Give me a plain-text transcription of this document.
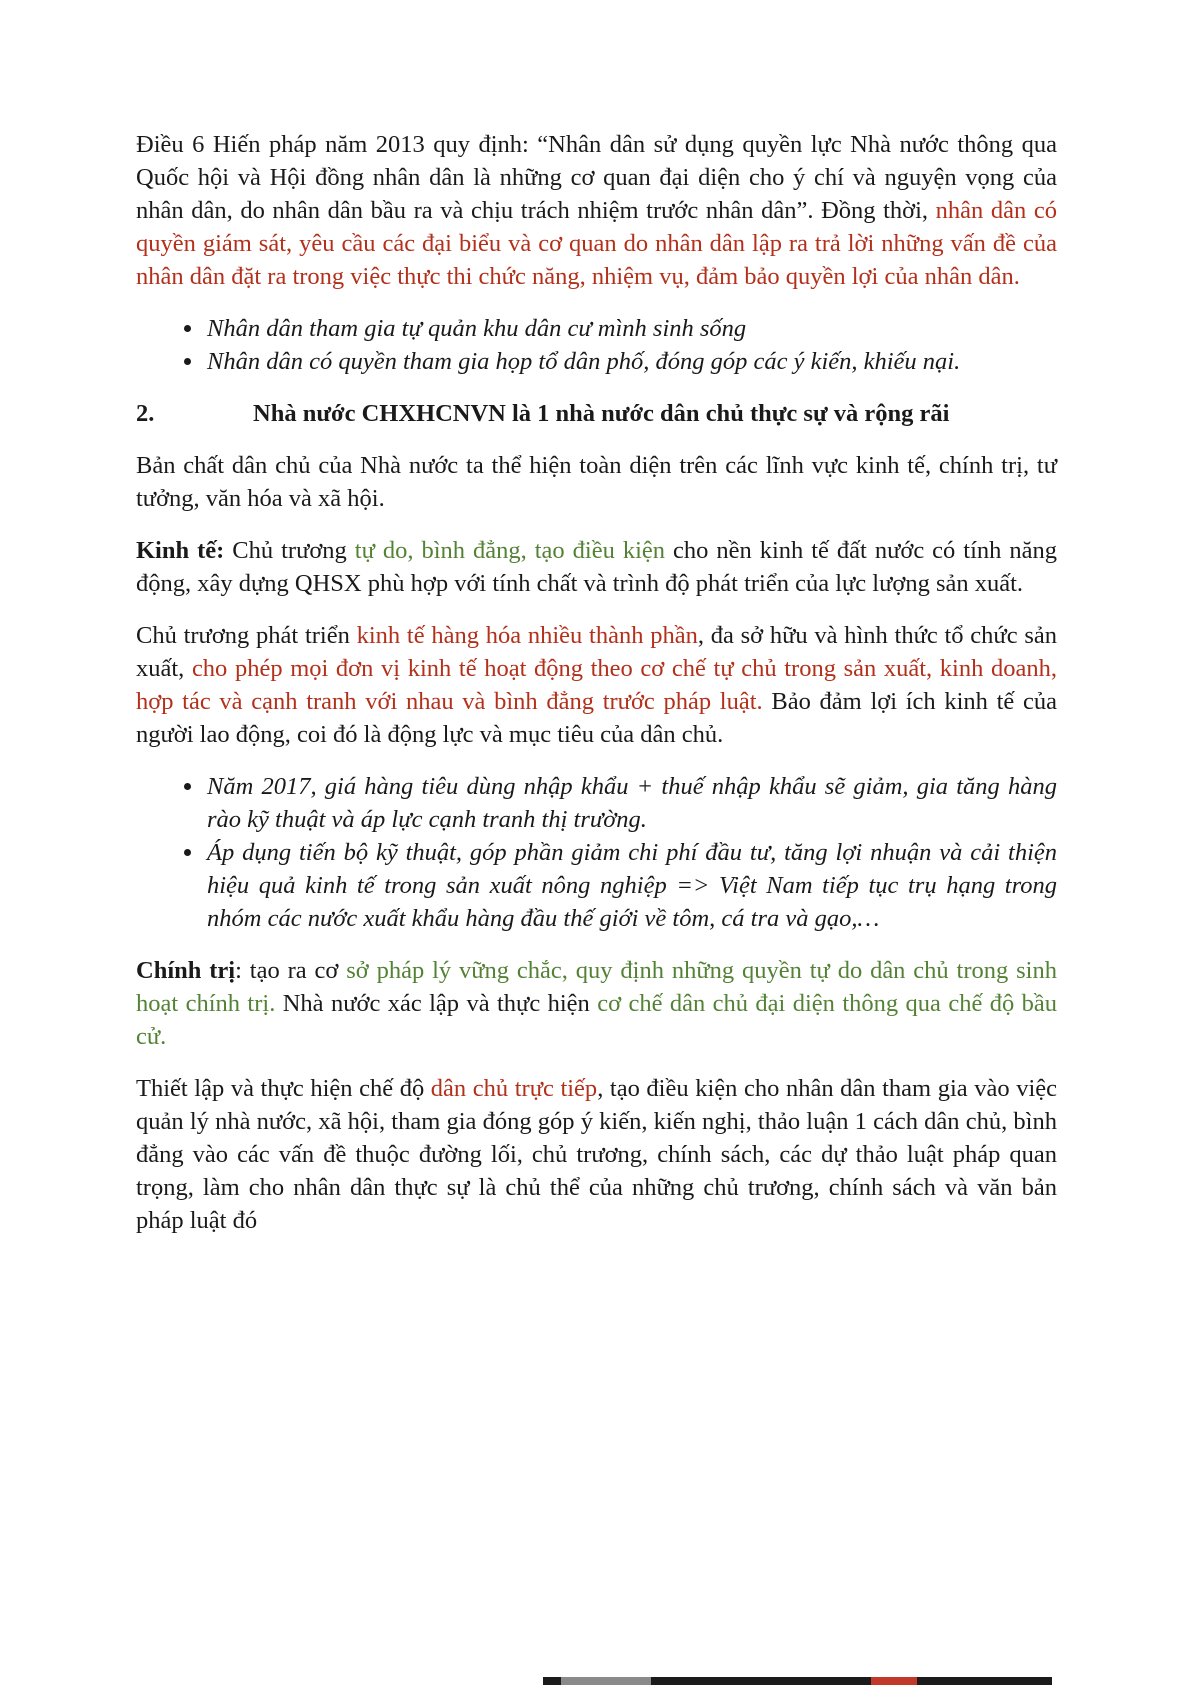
Điều 6 Hiến pháp năm 2013 quy định: “Nhân dân sử dụng quyền lực Nhà nước thông qua Quốc hội và Hội đồng nhân dân là những cơ quan đại diện cho ý chí và nguyện vọng của nhân dân, do nhân dân bầu ra và chịu trách nhiệm trước nhân dân”. Đồng thời, nhân dân có quyền giám sát, yêu cầu các đại biểu và cơ quan do nhân dân lập ra trả lời những vấn đề của nhân dân đặt ra trong việc thực thi chức năng, nhiệm vụ, đảm bảo quyền lợi của nhân dân.

• Nhân dân tham gia tự quản khu dân cư mình sinh sống
• Nhân dân có quyền tham gia họp tổ dân phố, đóng góp các ý kiến, khiếu nại.

2.	Nhà nước CHXHCNVN là 1 nhà nước dân chủ thực sự và rộng rãi

Bản chất dân chủ của Nhà nước ta thể hiện toàn diện trên các lĩnh vực kinh tế, chính trị, tư tưởng, văn hóa và xã hội.

Kinh tế: Chủ trương tự do, bình đẳng, tạo điều kiện cho nền kinh tế đất nước có tính năng động, xây dựng QHSX phù hợp với tính chất và trình độ phát triển của lực lượng sản xuất.

Chủ trương phát triển kinh tế hàng hóa nhiều thành phần, đa sở hữu và hình thức tổ chức sản xuất, cho phép mọi đơn vị kinh tế hoạt động theo cơ chế tự chủ trong sản xuất, kinh doanh, hợp tác và cạnh tranh với nhau và bình đẳng trước pháp luật. Bảo đảm lợi ích kinh tế của người lao động, coi đó là động lực và mục tiêu của dân chủ.

• Năm 2017, giá hàng tiêu dùng nhập khẩu + thuế nhập khẩu sẽ giảm, gia tăng hàng rào kỹ thuật và áp lực cạnh tranh thị trường.
• Áp dụng tiến bộ kỹ thuật, góp phần giảm chi phí đầu tư, tăng lợi nhuận và cải thiện hiệu quả kinh tế trong sản xuất nông nghiệp => Việt Nam tiếp tục trụ hạng trong nhóm các nước xuất khẩu hàng đầu thế giới về tôm, cá tra và gạo,…

Chính trị: tạo ra cơ sở pháp lý vững chắc, quy định những quyền tự do dân chủ trong sinh hoạt chính trị. Nhà nước xác lập và thực hiện cơ chế dân chủ đại diện thông qua chế độ bầu cử.

Thiết lập và thực hiện chế độ dân chủ trực tiếp, tạo điều kiện cho nhân dân tham gia vào việc quản lý nhà nước, xã hội, tham gia đóng góp ý kiến, kiến nghị, thảo luận 1 cách dân chủ, bình đẳng vào các vấn đề thuộc đường lối, chủ trương, chính sách, các dự thảo luật pháp quan trọng, làm cho nhân dân thực sự là chủ thể của những chủ trương, chính sách và văn bản pháp luật đó
